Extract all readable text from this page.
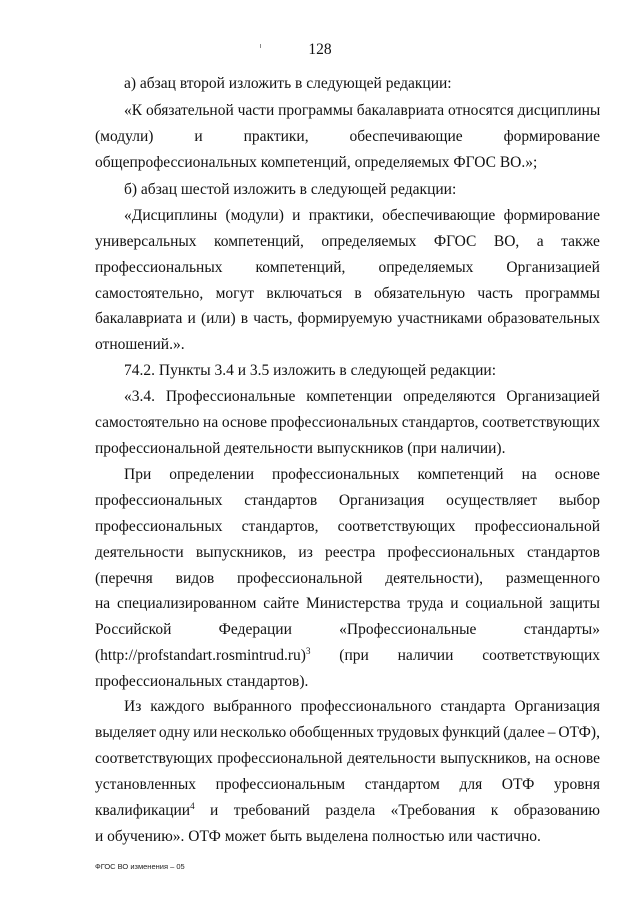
128
а) абзац второй изложить в следующей редакции:
«К обязательной части программы бакалавриата относятся дисциплины
(модули)	и	практики,	обеспечивающие	формирование
общепрофессиональных компетенций, определяемых ФГОС ВО.»;
б) абзац шестой изложить в следующей редакции:
«Дисциплины (модули) и практики, обеспечивающие формирование
универсальных компетенций, определяемых ФГОС ВО, а также
профессиональных компетенций, определяемых Организацией
самостоятельно, могут включаться в обязательную часть программы
бакалавриата и (или) в часть, формируемую участниками образовательных
отношений.».
74.2. Пункты 3.4 и 3.5 изложить в следующей редакции:
«3.4. Профессиональные компетенции определяются Организацией
самостоятельно на основе профессиональных стандартов, соответствующих
профессиональной деятельности выпускников (при наличии).
При определении профессиональных компетенций на основе
профессиональных стандартов Организация осуществляет выбор
профессиональных стандартов, соответствующих профессиональной
деятельности выпускников, из реестра профессиональных стандартов
(перечня видов профессиональной деятельности), размещенного
на специализированном сайте Министерства труда и социальной защиты
Российской	Федерации	«Профессиональные	стандарты»
(http://profstandart.rosmintrud.ru)$^3$ (при наличии соответствующих
профессиональных стандартов).
Из каждого выбранного профессионального стандарта Организация
выделяет одну или несколько обобщенных трудовых функций (далее – ОТФ),
соответствующих профессиональной деятельности выпускников, на основе
установленных профессиональным стандартом для ОТФ уровня
квалификации$^4$ и требований раздела «Требования к образованию
и обучению». ОТФ может быть выделена полностью или частично.
ФГОС ВО изменения – 05
